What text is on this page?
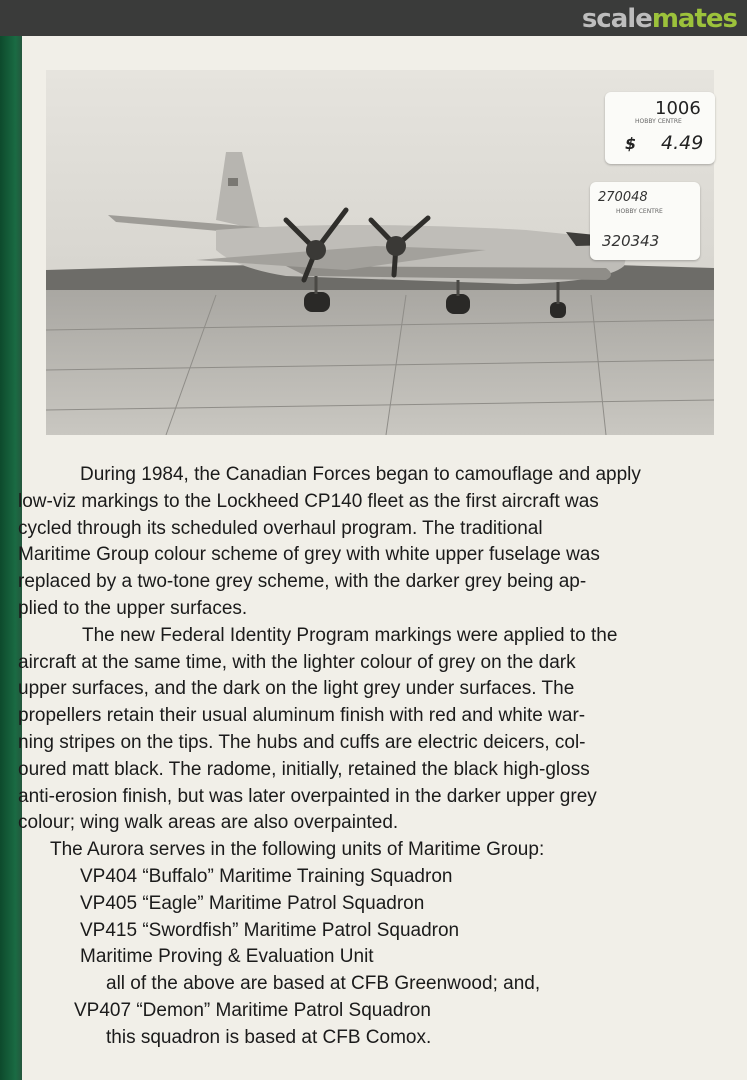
scalemates
1006
HOBBY CENTRE
$ 4.49
270048
HOBBY CENTRE
320343
During 1984, the Canadian Forces began to camouflage and apply
low-viz markings to the Lockheed CP140 fleet as the first aircraft was
cycled through its scheduled overhaul program. The traditional
Maritime Group colour scheme of grey with white upper fuselage was
replaced by a two-tone grey scheme, with the darker grey being ap-
plied to the upper surfaces.
The new Federal Identity Program markings were applied to the
aircraft at the same time, with the lighter colour of grey on the dark
upper surfaces, and the dark on the light grey under surfaces. The
propellers retain their usual aluminum finish with red and white war-
ning stripes on the tips. The hubs and cuffs are electric deicers, col-
oured matt black. The radome, initially, retained the black high-gloss
anti-erosion finish, but was later overpainted in the darker upper grey
colour; wing walk areas are also overpainted.
The Aurora serves in the following units of Maritime Group:
VP404 “Buffalo” Maritime Training Squadron
VP405 “Eagle” Maritime Patrol Squadron
VP415 “Swordfish” Maritime Patrol Squadron
Maritime Proving & Evaluation Unit
all of the above are based at CFB Greenwood; and,
VP407 “Demon” Maritime Patrol Squadron
this squadron is based at CFB Comox.
